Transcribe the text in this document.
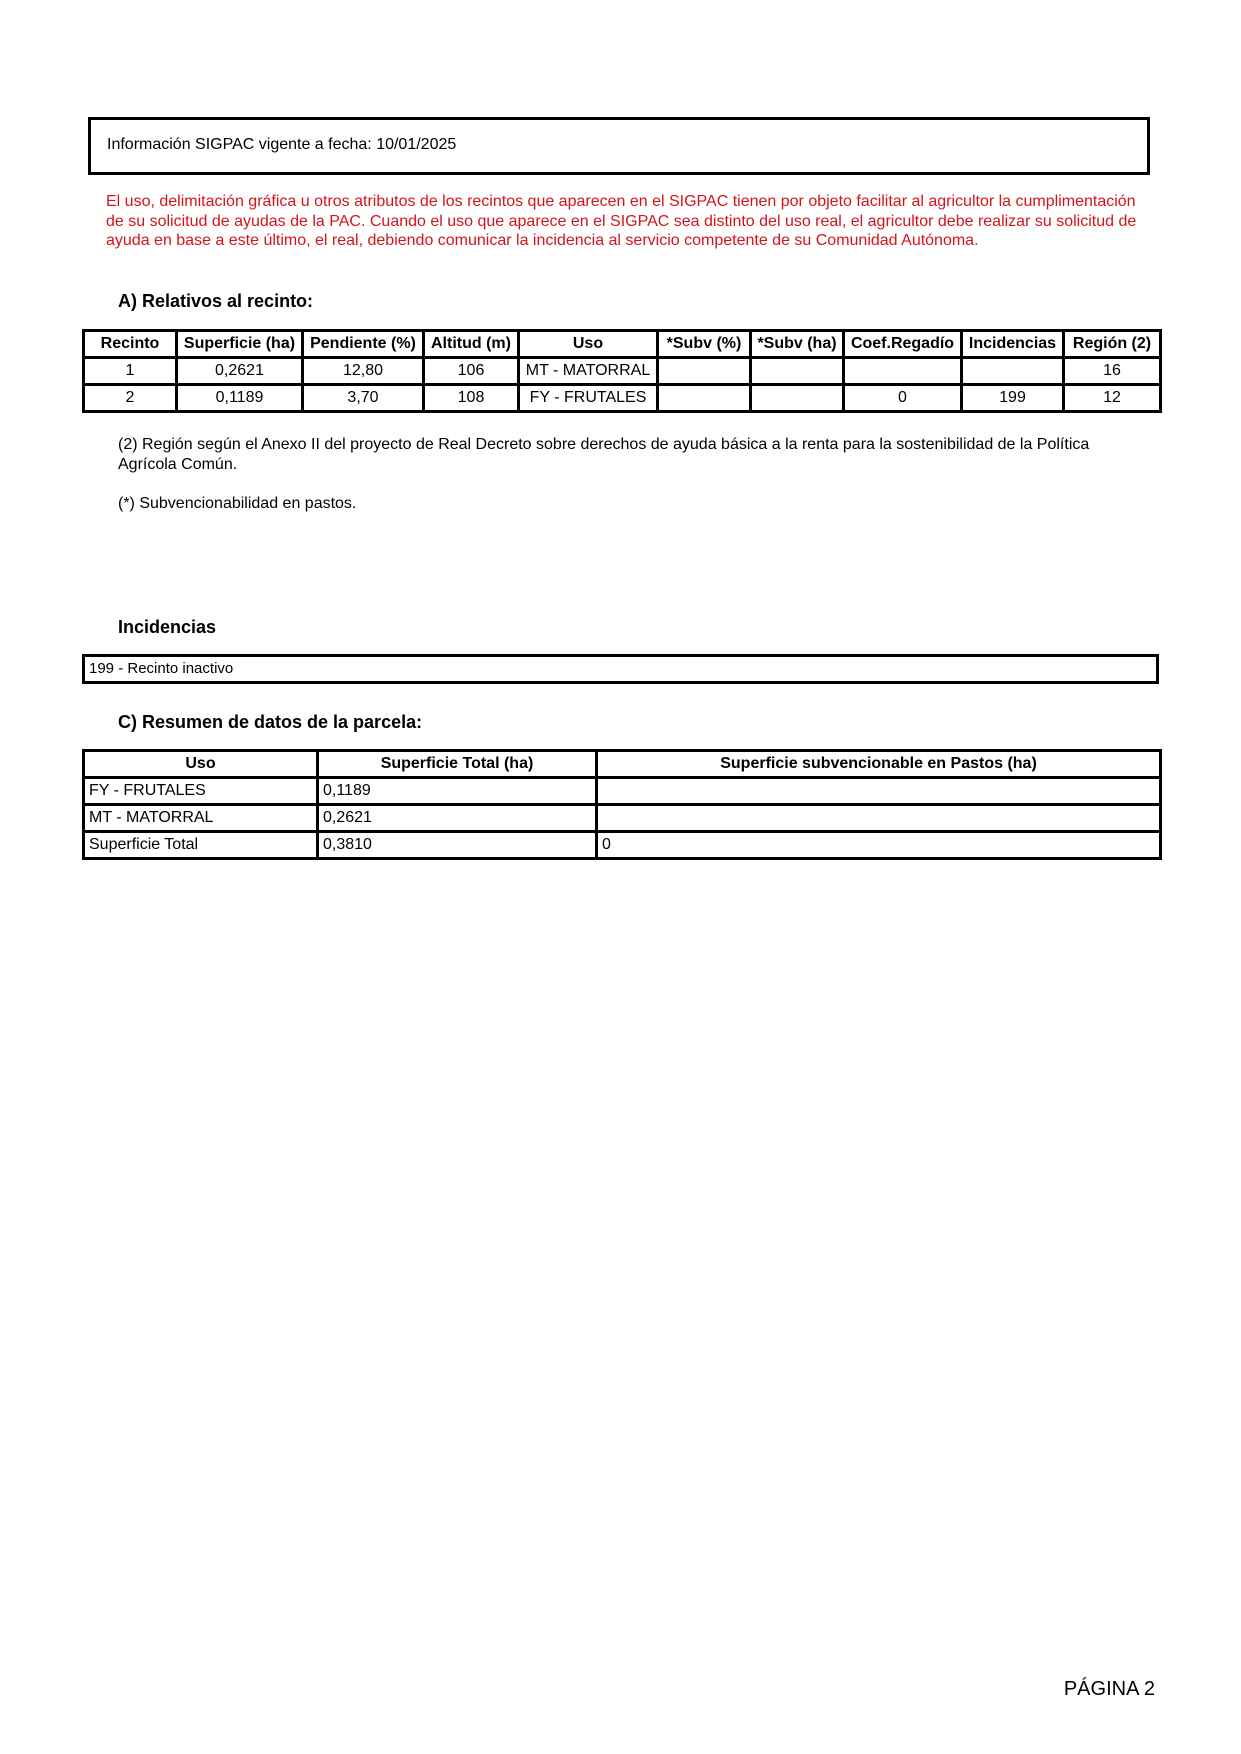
Información SIGPAC vigente a fecha: 10/01/2025
El uso, delimitación gráfica u otros atributos de los recintos que aparecen en el SIGPAC tienen por objeto facilitar al agricultor la cumplimentación de su solicitud de ayudas de la PAC. Cuando el uso que aparece en el SIGPAC sea distinto del uso real, el agricultor debe realizar su solicitud de ayuda en base a este último, el real, debiendo comunicar la incidencia al servicio competente de su Comunidad Autónoma.
A) Relativos al recinto:
Recinto	Superficie (ha)	Pendiente (%)	Altitud (m)	Uso	*Subv (%)	*Subv (ha)	Coef.Regadío	Incidencias	Región (2)
1	0,2621	12,80	106	MT - MATORRAL					16
2	0,1189	3,70	108	FY - FRUTALES			0	199	12
(2) Región según el Anexo II del proyecto de Real Decreto sobre derechos de ayuda básica a la renta para la sostenibilidad de la Política Agrícola Común.
(*) Subvencionabilidad en pastos.
Incidencias
199 - Recinto inactivo
C) Resumen de datos de la parcela:
Uso	Superficie Total (ha)	Superficie subvencionable en Pastos (ha)
FY - FRUTALES	0,1189	
MT - MATORRAL	0,2621	
Superficie Total	0,3810	0
PÁGINA 2
